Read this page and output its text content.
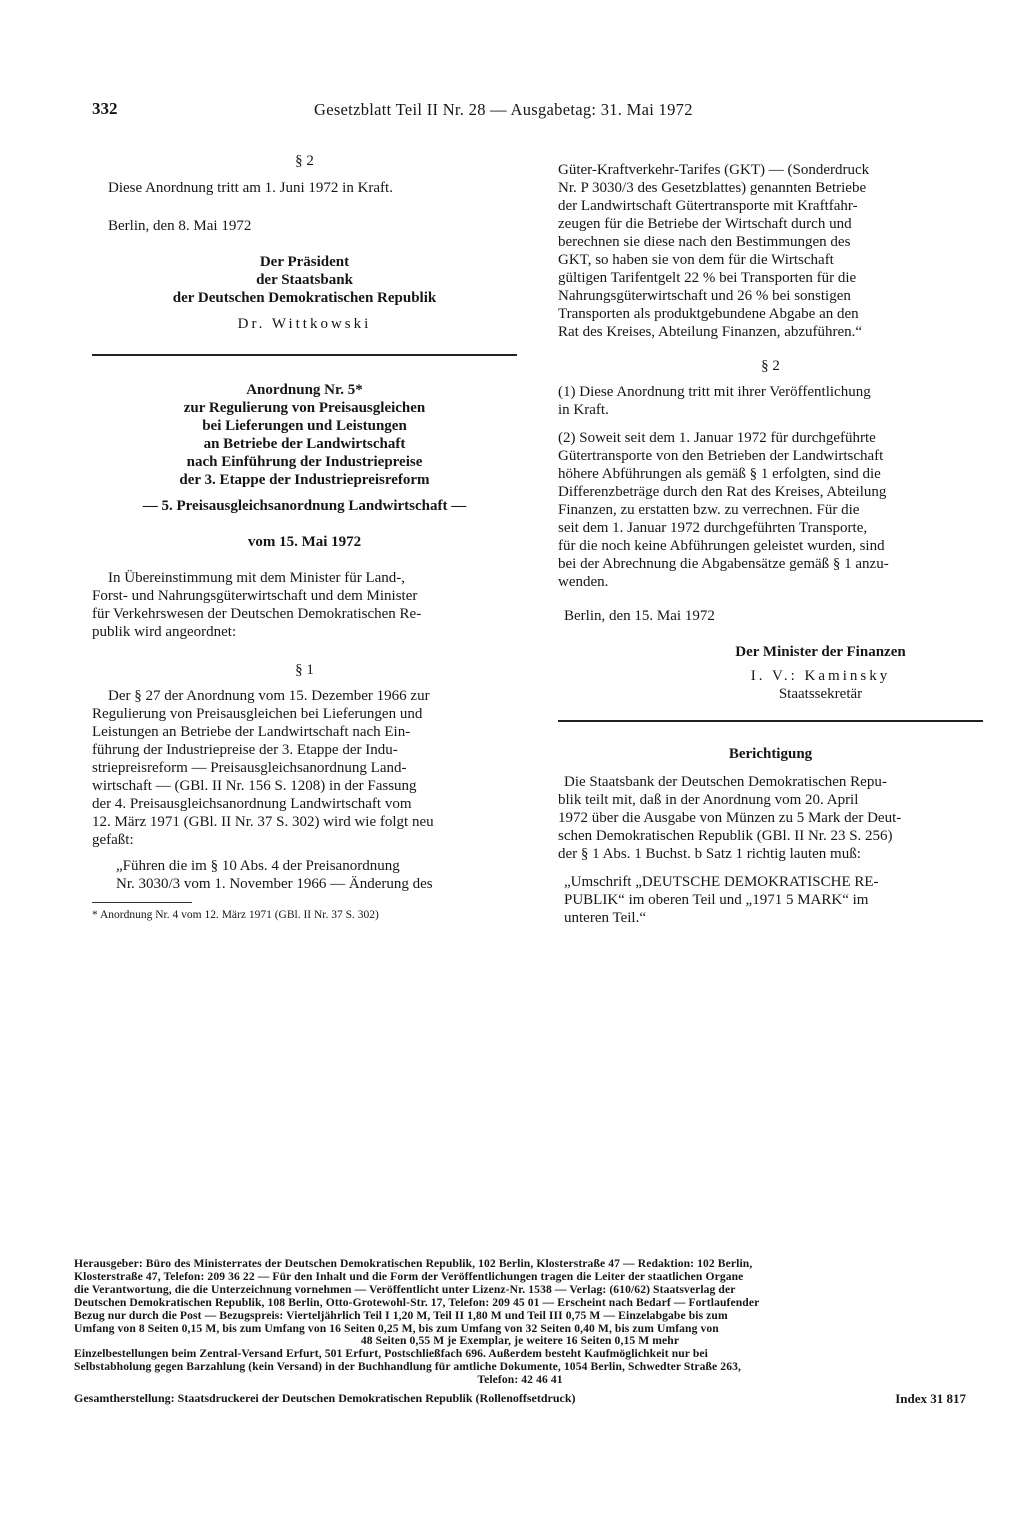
332	Gesetzblatt Teil II Nr. 28 — Ausgabetag: 31. Mai 1972
§ 2
Diese Anordnung tritt am 1. Juni 1972 in Kraft.
Berlin, den 8. Mai 1972
Der Präsident
der Staatsbank
der Deutschen Demokratischen Republik
Dr. Wittkowski
Anordnung Nr. 5*
zur Regulierung von Preisausgleichen
bei Lieferungen und Leistungen
an Betriebe der Landwirtschaft
nach Einführung der Industriepreise
der 3. Etappe der Industriepreisreform
— 5. Preisausgleichsanordnung Landwirtschaft —
vom 15. Mai 1972
In Übereinstimmung mit dem Minister für Land-,
Forst- und Nahrungsgüterwirtschaft und dem Minister
für Verkehrswesen der Deutschen Demokratischen Re-
publik wird angeordnet:
§ 1
Der § 27 der Anordnung vom 15. Dezember 1966 zur
Regulierung von Preisausgleichen bei Lieferungen und
Leistungen an Betriebe der Landwirtschaft nach Ein-
führung der Industriepreise der 3. Etappe der Indu-
striepreisreform — Preisausgleichsanordnung Land-
wirtschaft — (GBl. II Nr. 156 S. 1208) in der Fassung
der 4. Preisausgleichsanordnung Landwirtschaft vom
12. März 1971 (GBl. II Nr. 37 S. 302) wird wie folgt neu
gefaßt:
„Führen die im § 10 Abs. 4 der Preisanordnung
Nr. 3030/3 vom 1. November 1966 — Änderung des
* Anordnung Nr. 4 vom 12. März 1971 (GBl. II Nr. 37 S. 302)
Güter-Kraftverkehr-Tarifes (GKT) — (Sonderdruck
Nr. P 3030/3 des Gesetzblattes) genannten Betriebe
der Landwirtschaft Gütertransporte mit Kraftfahr-
zeugen für die Betriebe der Wirtschaft durch und
berechnen sie diese nach den Bestimmungen des
GKT, so haben sie von dem für die Wirtschaft
gültigen Tarifentgelt 22 % bei Transporten für die
Nahrungsgüterwirtschaft und 26 % bei sonstigen
Transporten als produktgebundene Abgabe an den
Rat des Kreises, Abteilung Finanzen, abzuführen.“
§ 2
(1) Diese Anordnung tritt mit ihrer Veröffentlichung
in Kraft.
(2) Soweit seit dem 1. Januar 1972 für durchgeführte
Gütertransporte von den Betrieben der Landwirtschaft
höhere Abführungen als gemäß § 1 erfolgten, sind die
Differenzbeträge durch den Rat des Kreises, Abteilung
Finanzen, zu erstatten bzw. zu verrechnen. Für die
seit dem 1. Januar 1972 durchgeführten Transporte,
für die noch keine Abführungen geleistet wurden, sind
bei der Abrechnung die Abgabensätze gemäß § 1 anzu-
wenden.
Berlin, den 15. Mai 1972
Der Minister der Finanzen
I. V.: Kaminsky
Staatssekretär
Berichtigung
Die Staatsbank der Deutschen Demokratischen Repu-
blik teilt mit, daß in der Anordnung vom 20. April
1972 über die Ausgabe von Münzen zu 5 Mark der Deut-
schen Demokratischen Republik (GBl. II Nr. 23 S. 256)
der § 1 Abs. 1 Buchst. b Satz 1 richtig lauten muß:
„Umschrift „DEUTSCHE DEMOKRATISCHE RE-
PUBLIK“ im oberen Teil und „1971 5 MARK“ im
unteren Teil.“
Herausgeber: Büro des Ministerrates der Deutschen Demokratischen Republik, 102 Berlin, Klosterstraße 47 — Redaktion: 102 Berlin,
Klosterstraße 47, Telefon: 209 36 22 — Für den Inhalt und die Form der Veröffentlichungen tragen die Leiter der staatlichen Organe
die Verantwortung, die die Unterzeichnung vornehmen — Veröffentlicht unter Lizenz-Nr. 1538 — Verlag: (610/62) Staatsverlag der
Deutschen Demokratischen Republik, 108 Berlin, Otto-Grotewohl-Str. 17, Telefon: 209 45 01 — Erscheint nach Bedarf — Fortlaufender
Bezug nur durch die Post — Bezugspreis: Vierteljährlich Teil I 1,20 M, Teil II 1,80 M und Teil III 0,75 M — Einzelabgabe bis zum
Umfang von 8 Seiten 0,15 M, bis zum Umfang von 16 Seiten 0,25 M, bis zum Umfang von 32 Seiten 0,40 M, bis zum Umfang von
48 Seiten 0,55 M je Exemplar, je weitere 16 Seiten 0,15 M mehr
Einzelbestellungen beim Zentral-Versand Erfurt, 501 Erfurt, Postschließfach 696. Außerdem besteht Kaufmöglichkeit nur bei
Selbstabholung gegen Barzahlung (kein Versand) in der Buchhandlung für amtliche Dokumente, 1054 Berlin, Schwedter Straße 263,
Telefon: 42 46 41
Gesamtherstellung: Staatsdruckerei der Deutschen Demokratischen Republik (Rollenoffsetdruck)	Index 31 817
